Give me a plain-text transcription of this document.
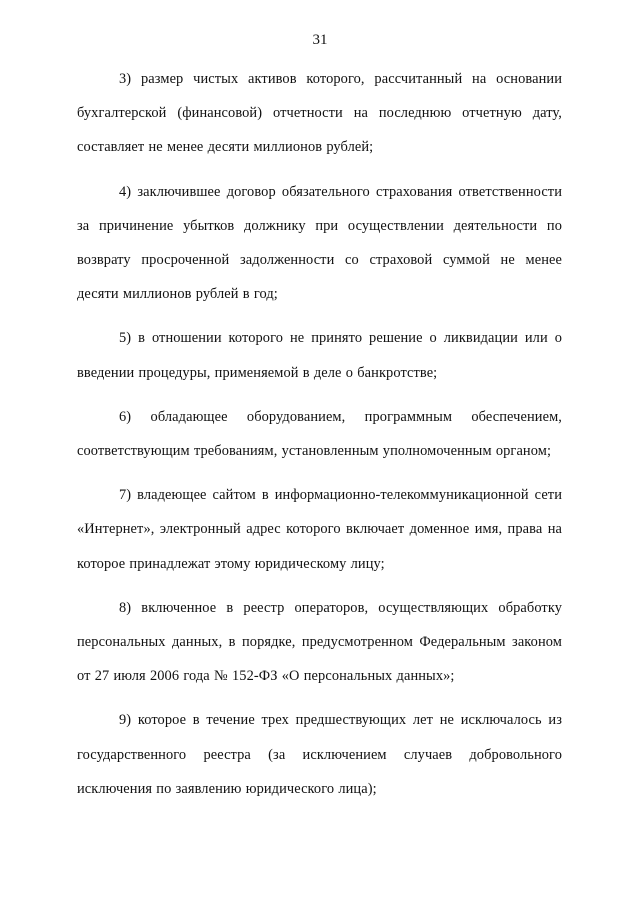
31

3) размер чистых активов которого, рассчитанный на основании бухгалтерской (финансовой) отчетности на последнюю отчетную дату, составляет не менее десяти миллионов рублей;

4) заключившее договор обязательного страхования ответственности за причинение убытков должнику при осуществлении деятельности по возврату просроченной задолженности со страховой суммой не менее десяти миллионов рублей в год;

5) в отношении которого не принято решение о ликвидации или о введении процедуры, применяемой в деле о банкротстве;

6) обладающее оборудованием, программным обеспечением, соответствующим требованиям, установленным уполномоченным органом;

7) владеющее сайтом в информационно-телекоммуникационной сети «Интернет», электронный адрес которого включает доменное имя, права на которое принадлежат этому юридическому лицу;

8) включенное в реестр операторов, осуществляющих обработку персональных данных, в порядке, предусмотренном Федеральным законом от 27 июля 2006 года № 152-ФЗ «О персональных данных»;

9) которое в течение трех предшествующих лет не исключалось из государственного реестра (за исключением случаев добровольного исключения по заявлению юридического лица);
